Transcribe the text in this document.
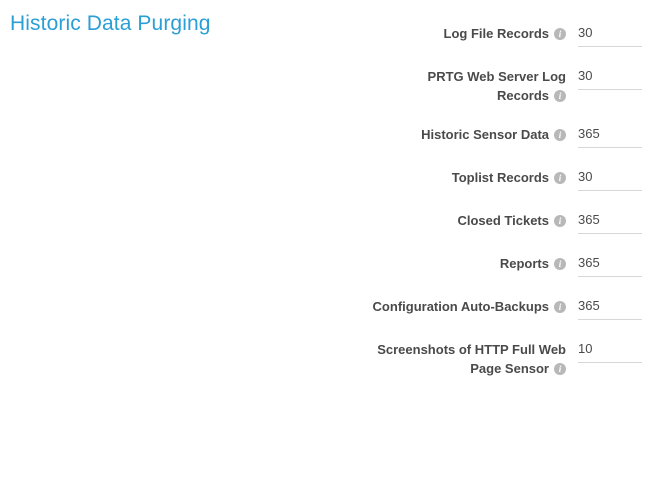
Historic Data Purging	Log File Records i
30
PRTG Web Server Log
Records i
30
Historic Sensor Data i
365
Toplist Records i
30
Closed Tickets i
365
Reports i
365
Configuration Auto-Backups i
365
Screenshots of HTTP Full Web
Page Sensor i
10
